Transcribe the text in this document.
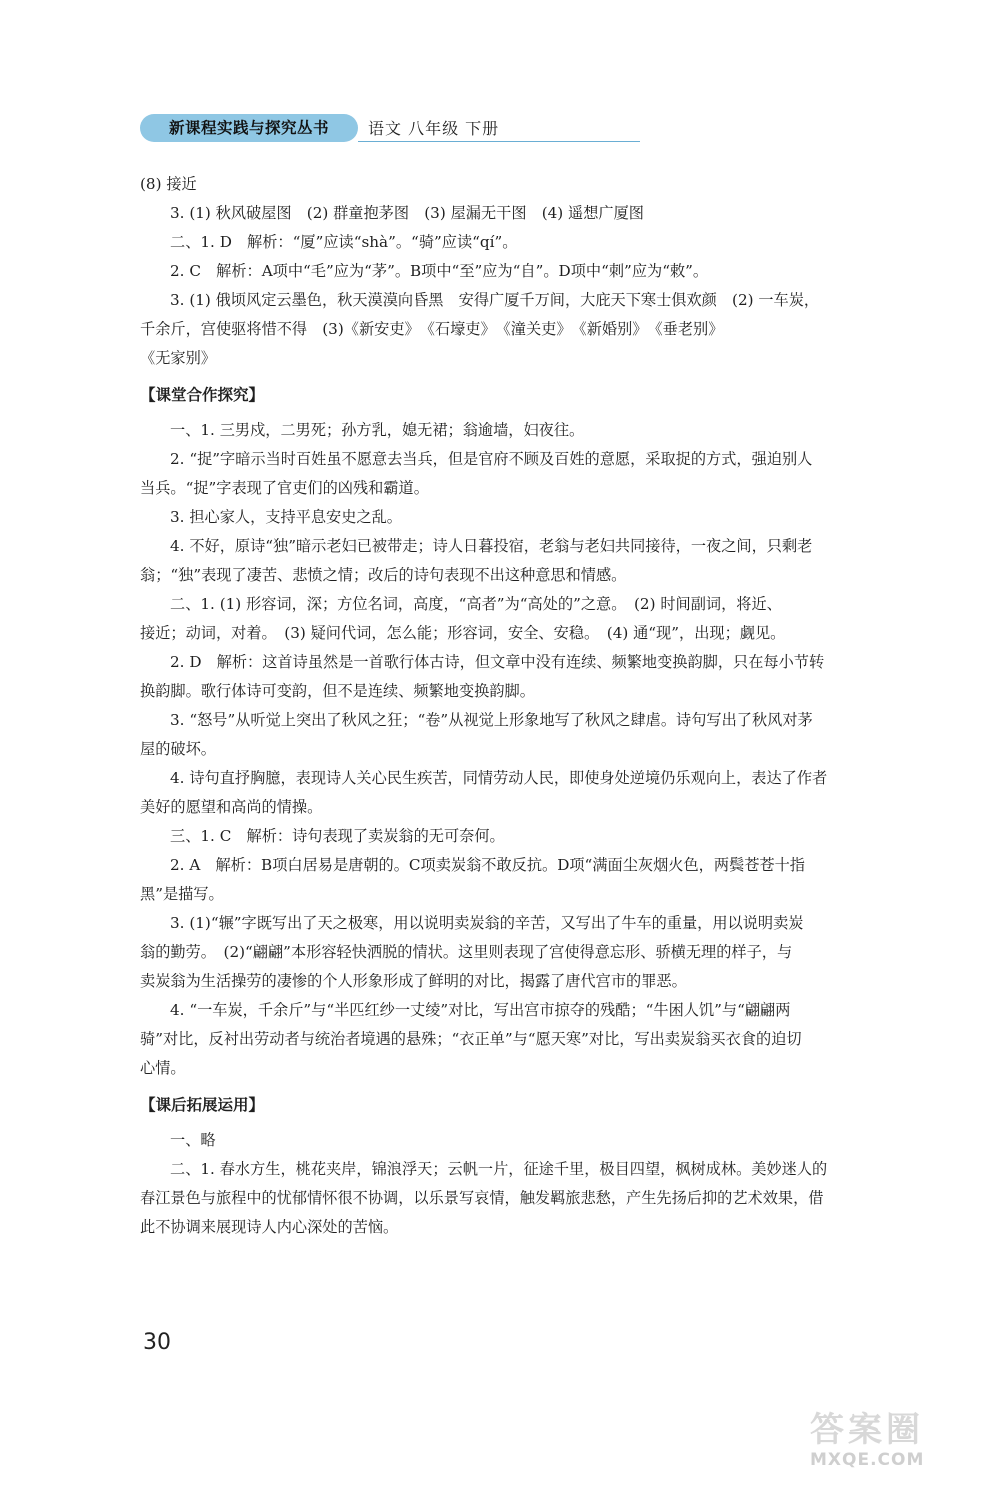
新课程实践与探究丛书	语文 八年级 下册
(8) 接近
3. (1) 秋风破屋图　(2) 群童抱茅图　(3) 屋漏无干图　(4) 遥想广厦图
二、1. D　解析：“厦”应读“shà”。“骑”应读“qí”。
2. C　解析：A项中“毛”应为“茅”。B项中“至”应为“自”。D项中“刺”应为“敕”。
3. (1) 俄顷风定云墨色，秋天漠漠向昏黑　安得广厦千万间，大庇天下寒士俱欢颜　(2) 一车炭，
千余斤，宫使驱将惜不得　(3)《新安吏》　《石壕吏》　《潼关吏》　《新婚别》　《垂老别》
《无家别》
【课堂合作探究】
一、1. 三男戍，二男死；孙方乳，媳无裙；翁逾墙，妇夜往。
2. “捉”字暗示当时百姓虽不愿意去当兵，但是官府不顾及百姓的意愿，采取捉的方式，强迫别人
当兵。“捉”字表现了官吏们的凶残和霸道。
3. 担心家人，支持平息安史之乱。
4. 不好，原诗“独”暗示老妇已被带走；诗人日暮投宿，老翁与老妇共同接待，一夜之间，只剩老
翁；“独”表现了凄苦、悲愤之情；改后的诗句表现不出这种意思和情感。
二、1. (1) 形容词，深；方位名词，高度，“高者”为“高处的”之意。　(2) 时间副词，将近、
接近；动词，对着。　(3) 疑问代词，怎么能；形容词，安全、安稳。　(4) 通“现”，出现；觑见。
2. D　解析：这首诗虽然是一首歌行体古诗，但文章中没有连续、频繁地变换韵脚，只在每小节转
换韵脚。歌行体诗可变韵，但不是连续、频繁地变换韵脚。
3. “怒号”从听觉上突出了秋风之狂；“卷”从视觉上形象地写了秋风之肆虐。诗句写出了秋风对茅
屋的破坏。
4. 诗句直抒胸臆，表现诗人关心民生疾苦，同情劳动人民，即使身处逆境仍乐观向上，表达了作者
美好的愿望和高尚的情操。
三、1. C　解析：诗句表现了卖炭翁的无可奈何。
2. A　解析：B项白居易是唐朝的。C项卖炭翁不敢反抗。D项“满面尘灰烟火色，两鬓苍苍十指
黑”是描写。
3. (1)“辗”字既写出了天之极寒，用以说明卖炭翁的辛苦，又写出了牛车的重量，用以说明卖炭
翁的勤劳。　(2)“翩翩”本形容轻快洒脱的情状。这里则表现了宫使得意忘形、骄横无理的样子，与
卖炭翁为生活操劳的凄惨的个人形象形成了鲜明的对比，揭露了唐代宫市的罪恶。
4. “一车炭，千余斤”与“半匹红纱一丈绫”对比，写出宫市掠夺的残酷；“牛困人饥”与“翩翩两
骑”对比，反衬出劳动者与统治者境遇的悬殊；“衣正单”与“愿天寒”对比，写出卖炭翁买衣食的迫切
心情。
【课后拓展运用】
一、略
二、1. 春水方生，桃花夹岸，锦浪浮天；云帆一片，征途千里，极目四望，枫树成林。美妙迷人的
春江景色与旅程中的忧郁情怀很不协调，以乐景写哀情，触发羁旅悲愁，产生先扬后抑的艺术效果，借
此不协调来展现诗人内心深处的苦恼。
30
答案圈
MXQE.COM
